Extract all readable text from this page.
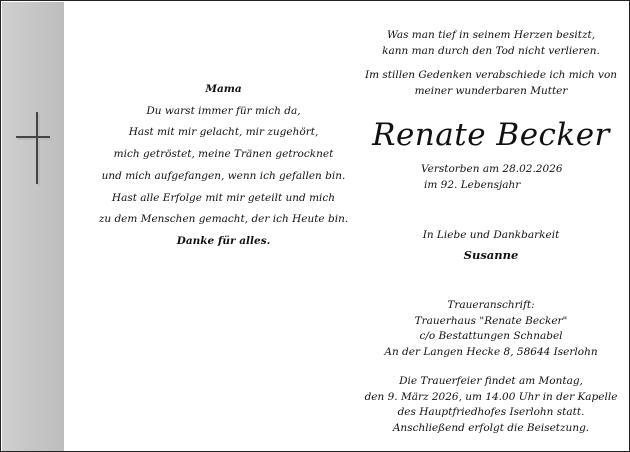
Mama
Du warst immer für mich da,
Hast mit mir gelacht, mir zugehört,
mich getröstet, meine Tränen getrocknet
und mich aufgefangen, wenn ich gefallen bin.
Hast alle Erfolge mit mir geteilt und mich
zu dem Menschen gemacht, der ich Heute bin.
Danke für alles.
Was man tief in seinem Herzen besitzt,
kann man durch den Tod nicht verlieren.
Im stillen Gedenken verabschiede ich mich von
meiner wunderbaren Mutter
Renate Becker
Verstorben am 28.02.2026
im 92. Lebensjahr
In Liebe und Dankbarkeit
Susanne
Traueranschrift:
Trauerhaus "Renate Becker"
c/o Bestattungen Schnabel
An der Langen Hecke 8, 58644 Iserlohn
Die Trauerfeier findet am Montag,
den 9. März 2026, um 14.00 Uhr in der Kapelle
des Hauptfriedhofes Iserlohn statt.
Anschließend erfolgt die Beisetzung.
